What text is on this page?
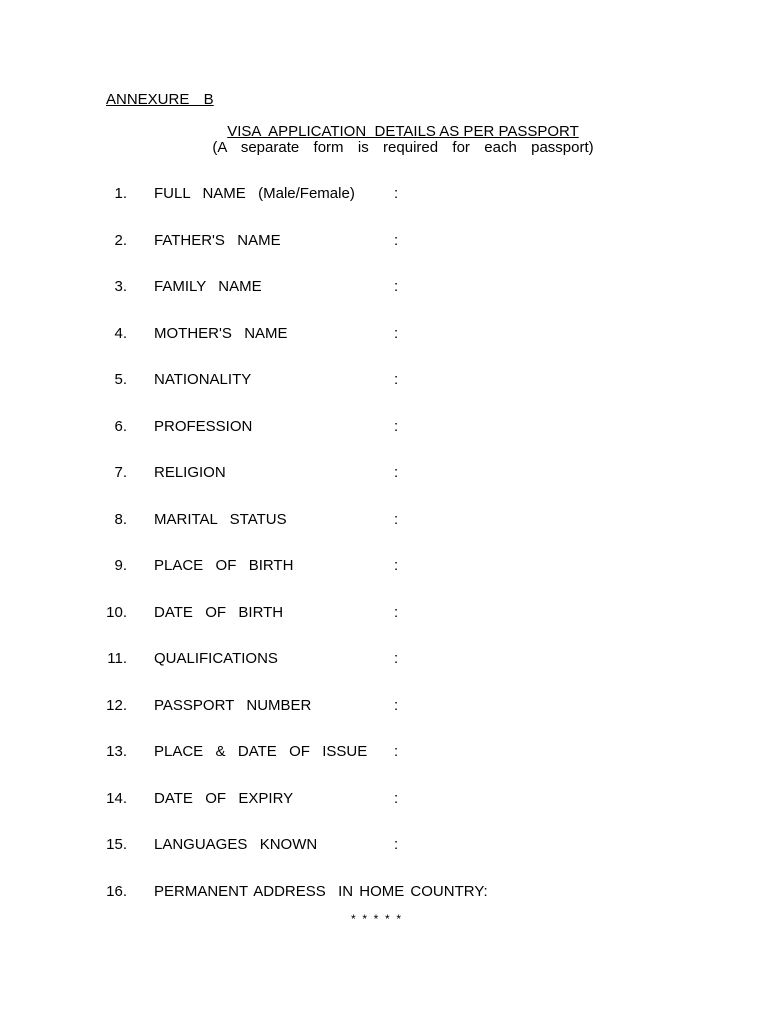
ANNEXURE  B
VISA  APPLICATION  DETAILS AS PER PASSPORT
(A  separate  form  is  required  for  each  passport)
1. FULL  NAME  (Male/Female)	:
2. FATHER'S  NAME	:
3. FAMILY  NAME	:
4. MOTHER'S  NAME	:
5. NATIONALITY	:
6. PROFESSION	:
7. RELIGION	:
8. MARITAL  STATUS	:
9. PLACE  OF  BIRTH	:
10. DATE  OF  BIRTH	:
11. QUALIFICATIONS	:
12. PASSPORT  NUMBER	:
13. PLACE  &  DATE  OF  ISSUE :
14. DATE  OF  EXPIRY	:
15. LANGUAGES  KNOWN	:
16. PERMANENT ADDRESS  IN HOME COUNTRY:
*  *  *  *  *
